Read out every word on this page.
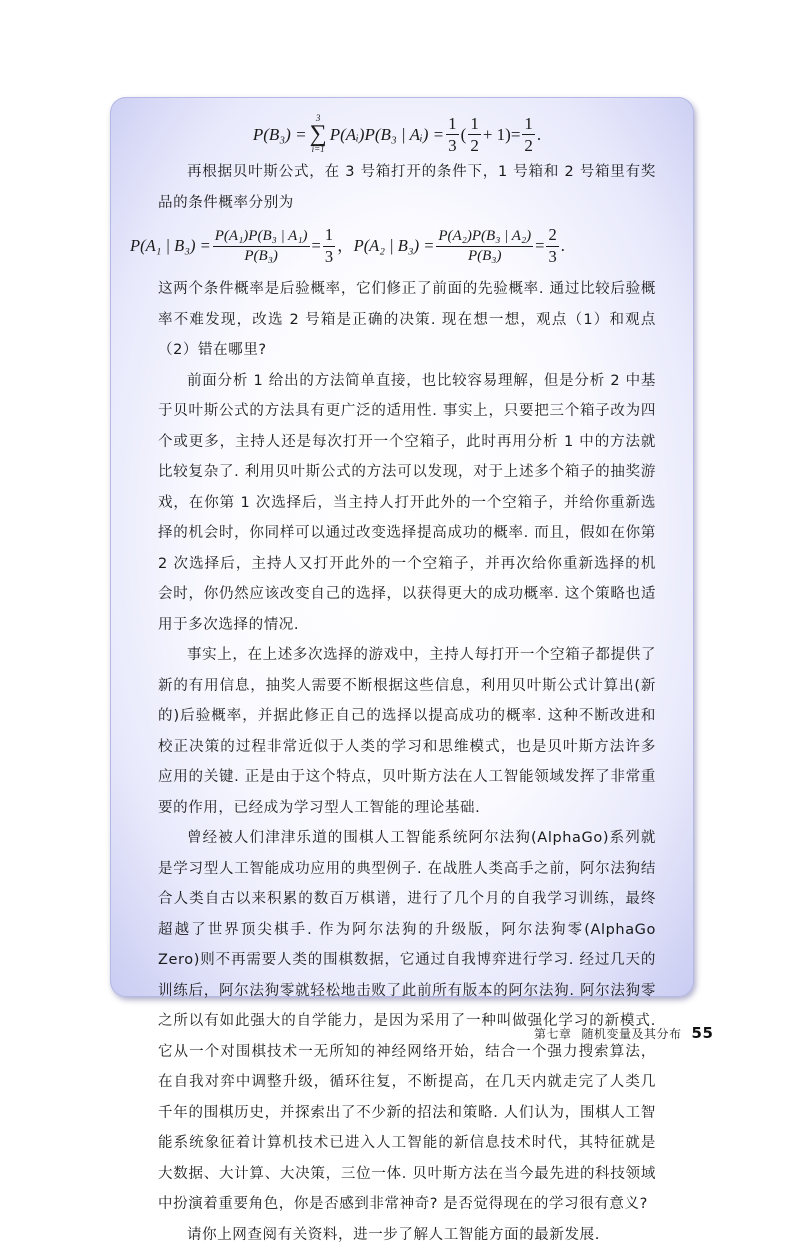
P(B₃) =
3
∑
i=1
P(Aᵢ)P(B₃ | Aᵢ) = $\frac{1}{3}$ ( $\frac{1}{2} + 1) = \frac{1}{2}$ .

再根据贝叶斯公式，在 3 号箱打开的条件下，1 号箱和 2 号箱里有奖品的条件概率分别为

P(A₁ | $B_3) = \frac{\text{P(A₁)P(B₃ | A₁)}}{\text{P(B₃)}} = \frac{1}{3}$ ， P(A₂ | $B_3) = \frac{\text{P(A₂)P(B₃ | A₂)}}{\text{P(B₃)}} = \frac{2}{3}$ .

这两个条件概率是后验概率，它们修正了前面的先验概率. 通过比较后验概率不难发现，改选 2 号箱是正确的决策. 现在想一想，观点（1）和观点（2）错在哪里?

前面分析 1 给出的方法简单直接，也比较容易理解，但是分析 2 中基于贝叶斯公式的方法具有更广泛的适用性. 事实上，只要把三个箱子改为四个或更多，主持人还是每次打开一个空箱子，此时再用分析 1 中的方法就比较复杂了. 利用贝叶斯公式的方法可以发现，对于上述多个箱子的抽奖游戏，在你第 1 次选择后，当主持人打开此外的一个空箱子，并给你重新选择的机会时，你同样可以通过改变选择提高成功的概率. 而且，假如在你第 2 次选择后，主持人又打开此外的一个空箱子，并再次给你重新选择的机会时，你仍然应该改变自己的选择，以获得更大的成功概率. 这个策略也适用于多次选择的情况.

事实上，在上述多次选择的游戏中，主持人每打开一个空箱子都提供了新的有用信息，抽奖人需要不断根据这些信息，利用贝叶斯公式计算出(新的)后验概率，并据此修正自己的选择以提高成功的概率. 这种不断改进和校正决策的过程非常近似于人类的学习和思维模式，也是贝叶斯方法许多应用的关键. 正是由于这个特点，贝叶斯方法在人工智能领域发挥了非常重要的作用，已经成为学习型人工智能的理论基础.

曾经被人们津津乐道的围棋人工智能系统阿尔法狗(AlphaGo)系列就是学习型人工智能成功应用的典型例子. 在战胜人类高手之前，阿尔法狗结合人类自古以来积累的数百万棋谱，进行了几个月的自我学习训练，最终超越了世界顶尖棋手. 作为阿尔法狗的升级版，阿尔法狗零(AlphaGo Zero)则不再需要人类的围棋数据，它通过自我博弈进行学习. 经过几天的训练后，阿尔法狗零就轻松地击败了此前所有版本的阿尔法狗. 阿尔法狗零之所以有如此强大的自学能力，是因为采用了一种叫做强化学习的新模式. 它从一个对围棋技术一无所知的神经网络开始，结合一个强力搜索算法，在自我对弈中调整升级，循环往复，不断提高，在几天内就走完了人类几千年的围棋历史，并探索出了不少新的招法和策略. 人们认为，围棋人工智能系统象征着计算机技术已进入人工智能的新信息技术时代，其特征就是大数据、大计算、大决策，三位一体. 贝叶斯方法在当今最先进的科技领域中扮演着重要角色，你是否感到非常神奇? 是否觉得现在的学习很有意义?

请你上网查阅有关资料，进一步了解人工智能方面的最新发展.

第七章 随机变量及其分布 55
